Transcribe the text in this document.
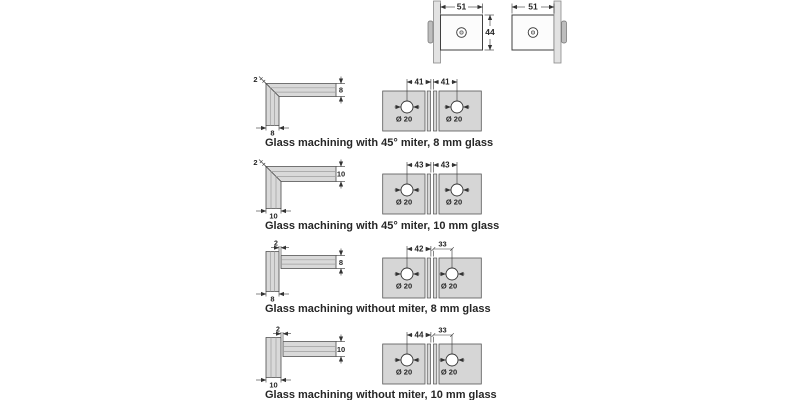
51
44
51
2
8
8
41
Ø 20
41
Ø 20

Glass machining with 45° miter, 8 mm glass

2
10
10
43
Ø 20
43
Ø 20

Glass machining with 45° miter, 10 mm glass

2
8
8
42
Ø 20
33
Ø 20

Glass machining without miter, 8 mm glass

2
10
10
44
Ø 20
33
Ø 20

Glass machining without miter, 10 mm glass
